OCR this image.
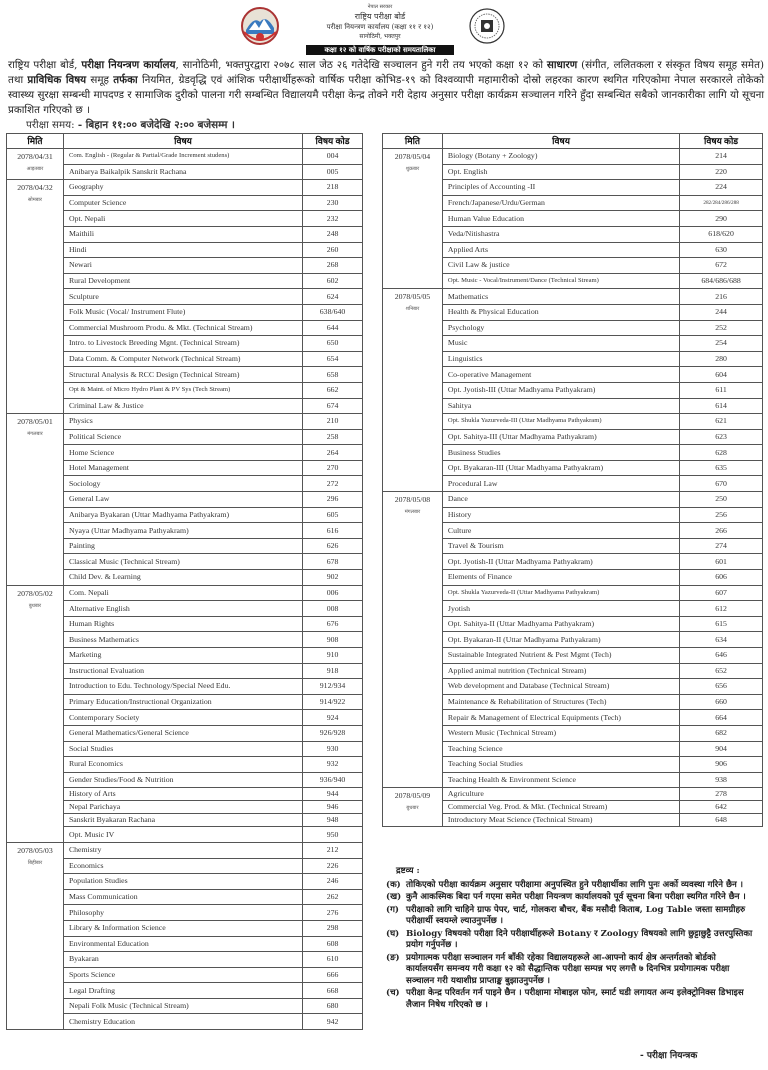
नेपाल सरकार
राष्ट्रिय परीक्षा बोर्ड
परीक्षा नियन्त्रण कार्यालय (कक्षा ११ र १२)
सानोठिमी, भक्तपुर
कक्षा १२ को वार्षिक परीक्षाको समयतालिका

राष्ट्रिय परीक्षा बोर्ड, परीक्षा नियन्त्रण कार्यालय, सानोठिमी, भक्तपुरद्वारा २०७८ साल जेठ २६ गतेदेखि सञ्चालन हुने गरी तय भएको कक्षा १२ को साधारण (संगीत, ललितकला र संस्कृत विषय समूह समेत) तथा प्राविधिक विषय समूह तर्फका नियमित, ग्रेडवृद्धि एवं आंशिक परीक्षार्थीहरूको वार्षिक परीक्षा कोभिड-१९ को विश्वव्यापी महामारीको दोस्रो लहरका कारण स्थगित गरिएकोमा नेपाल सरकारले तोकेको स्वास्थ्य सुरक्षा सम्बन्धी मापदण्ड र सामाजिक दुरीको पालना गरी सम्बन्धित विद्यालयमै परीक्षा केन्द्र तोक्ने गरी देहाय अनुसार परीक्षा कार्यक्रम सञ्चालन गरिने हुँदा सम्बन्धित सबैको जानकारीका लागि यो सूचना प्रकाशित गरिएको छ ।

परीक्षा समय: - बिहान ११:०० बजेदेखि २:०० बजेसम्म ।
मिति	विषय	विषय कोड

2078/04/31
आइतबार	Com. English - (Regular & Partial/Grade Increment studens)	004
	Anibarya Baikalpik Sanskrit Rachana	005

2078/04/32
सोमबार	Geography	218
	Computer Science	230
	Opt. Nepali	232
	Maithili	248
	Hindi	260
	Newari	268
	Rural Development	602
	Sculpture	624
	Folk Music (Vocal/ Instrument Flute)	638/640
	Commercial Mushroom Produ. & Mkt. (Technical Stream)	644
	Intro. to Livestock Breeding Mgnt. (Technical Stream)	650
	Data Comm. & Computer Network (Technical Stream)	654
	Structural Analysis & RCC Design (Technical Stream)	658
	Opt & Maint. of Micro Hydro Plant & PV Sys (Tech Stream)	662
	Criminal Law & Justice	674

2078/05/01
मंगलबार	Physics	210
	Political Science	258
	Home Science	264
	Hotel Management	270
	Sociology	272
	General Law	296
	Anibarya Byakaran (Uttar Madhyama Pathyakram)	605
	Nyaya (Uttar Madhyama Pathyakram)	616
	Painting	626
	Classical Music (Technical Stream)	678
	Child Dev. & Learning	902

2078/05/02
बुधबार	Com. Nepali	006
	Alternative English	008
	Human Rights	676
	Business Mathematics	908
	Marketing	910
	Instructional Evaluation	918
	Introduction to Edu. Technology/Special Need Edu.	912/934
	Primary Education/Instructional Organization	914/922
	Contemporary Society	924
	General Mathematics/General Science	926/928
	Social Studies	930
	Rural Economics	932
	Gender Studies/Food & Nutrition	936/940
	History of Arts	944
	Nepal Parichaya	946
	Sanskrit Byakaran Rachana	948
	Opt. Music IV	950

2078/05/03
बिहीबार	Chemistry	212
	Economics	226
	Population Studies	246
	Mass Communication	262
	Philosophy	276
	Library & Information Science	298
	Environmental Education	608
	Byakaran	610
	Sports Science	666
	Legal Drafting	668
	Nepali Folk Music (Technical Stream)	680
	Chemistry Education	942
मिति	विषय	विषय कोड

2078/05/04
शुक्रबार	Biology (Botany + Zoology)	214
	Opt. English	220
	Principles of Accounting -II	224
	French/Japanese/Urdu/German	282/284/286/288
	Human Value Education	290
	Veda/Nitishastra	618/620
	Applied Arts	630
	Civil Law & justice	672
	Opt. Music - Vocal/Instrument/Dance (Technical Stream)	684/686/688

2078/05/05
शनिबार	Mathematics	216
	Health & Physical Education	244
	Psychology	252
	Music	254
	Linguistics	280
	Co-operative Management	604
	Opt. Jyotish-III (Uttar Madhyama Pathyakram)	611
	Sahitya	614
	Opt. Shukla Yazurveda-III (Uttar Madhyama Pathyakram)	621
	Opt. Sahitya-III (Uttar Madhyama Pathyakram)	623
	Business Studies	628
	Opt. Byakaran-III (Uttar Madhyama Pathyakram)	635
	Procedural Law	670

2078/05/08
मंगलबार	Dance	250
	History	256
	Culture	266
	Travel & Tourism	274
	Opt. Jyotish-II (Uttar Madhyama Pathyakram)	601
	Elements of Finance	606
	Opt. Shukla Yazurveda-II (Uttar Madhyama Pathyakram)	607
	Jyotish	612
	Opt. Sahitya-II (Uttar Madhyama Pathyakram)	615
	Opt. Byakaran-II (Uttar Madhyama Pathyakram)	634
	Sustainable Integrated Nutrient & Pest Mgmt (Tech)	646
	Applied animal nutrition (Technical Stream)	652
	Web development and Database (Technical Stream)	656
	Maintenance & Rehabilitation of Structures (Tech)	660
	Repair & Management of Electrical Equipments (Tech)	664
	Western Music (Technical Stream)	682
	Teaching Science	904
	Teaching Social Studies	906
	Teaching Health & Environment Science	938

2078/05/09
बुधबार	Agriculture	278
	Commercial Veg. Prod. & Mkt. (Technical Stream)	642
	Introductory Meat Science (Technical Stream)	648
द्रष्टव्य :
(क) तोकिएको परीक्षा कार्यक्रम अनुसार परीक्षामा अनुपस्थित हुने परीक्षार्थीका लागि पुनः अर्को व्यवस्था गरिने छैन ।
(ख) कुनै आकस्मिक बिदा पर्न गएमा समेत परीक्षा नियन्त्रण कार्यालयको पूर्व सूचना बिना परीक्षा स्थगित गरिने छैन ।
(ग) परीक्षाको लागि चाहिने ग्राफ पेपर, चार्ट, गोलकरा बौचर, बैंक मसौदी किताब, Log Table जस्ता सामग्रीहरु परीक्षार्थी स्वयम्ले ल्याउनुपर्नेछ ।
(घ) Biology विषयको परीक्षा दिने परीक्षार्थीहरूले Botany र Zoology विषयको लागि छुट्टाछुट्टै उत्तरपुस्तिका प्रयोग गर्नुपर्नेछ ।
(ङ) प्रयोगात्मक परीक्षा सञ्चालन गर्न बाँकी रहेका विद्यालयहरूले आ-आफ्नो कार्य क्षेत्र अन्तर्गतको बोर्डको कार्यालयसँग समन्वय गरी कक्षा १२ को सैद्धान्तिक परीक्षा सम्पन्न भए लगत्तै ७ दिनभित्र प्रयोगात्मक परीक्षा सञ्चालन गरी यथाशीघ्र प्राप्ताङ्क बुझाउनुपर्नेछ ।
(च) परीक्षा केन्द्र परिवर्तन गर्न पाइने छैन । परीक्षामा मोबाइल फोन, स्मार्ट घडी लगायत अन्य इलेक्ट्रोनिक्स डिभाइस लैजान निषेध गरिएको छ ।
- परीक्षा नियन्त्रक
